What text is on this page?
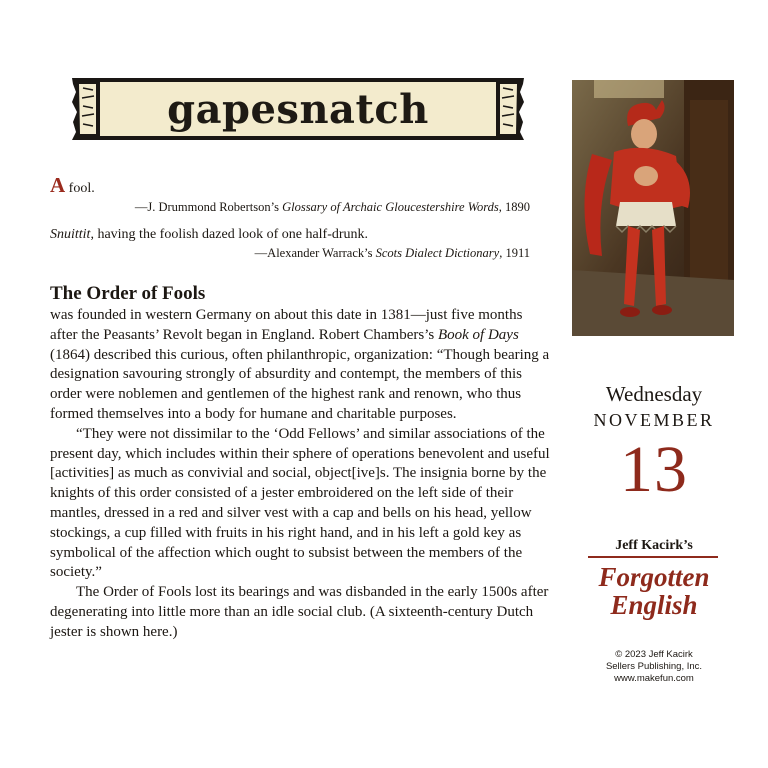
gapesnatch
A fool.
—J. Drummond Robertson’s Glossary of Archaic Gloucestershire Words, 1890
Snuittit, having the foolish dazed look of one half-drunk.
—Alexander Warrack’s Scots Dialect Dictionary, 1911
The Order of Fools

was founded in western Germany on about this date in 1381—just five months after the Peasants’ Revolt began in England. Robert Chambers’s Book of Days (1864) described this curious, often philanthropic, organization: “Though bearing a designation savouring strongly of absurdity and contempt, the members of this order were noblemen and gentlemen of the highest rank and renown, who thus formed themselves into a body for humane and charitable purposes.

“They were not dissimilar to the ‘Odd Fellows’ and similar associations of the present day, which includes within their sphere of operations benevolent and useful [activities] as much as convivial and social, object[ive]s. The insignia borne by the knights of this order consisted of a jester embroidered on the left side of their mantles, dressed in a red and silver vest with a cap and bells on his head, yellow stockings, a cup filled with fruits in his right hand, and in his left a gold key as symbolical of the affection which ought to subsist between the members of the society.”

The Order of Fools lost its bearings and was disbanded in the early 1500s after degenerating into little more than an idle social club. (A sixteenth-century Dutch jester is shown here.)

Wednesday
NOVEMBER
13
Jeff Kacirk’s
Forgotten
English
© 2023 Jeff Kacirk
Sellers Publishing, Inc.
www.makefun.com
